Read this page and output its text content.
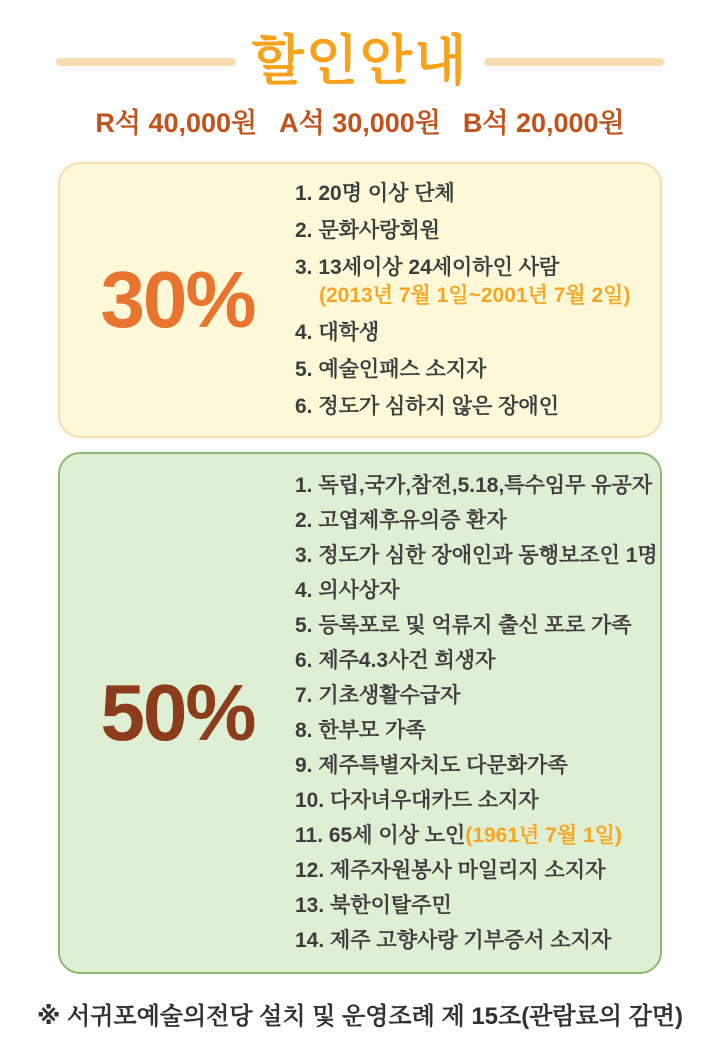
할인안내
R석 40,000원 A석 30,000원 B석 20,000원
30%
1. 20명 이상 단체
2. 문화사랑회원
3. 13세이상 24세이하인 사람
(2013년 7월 1일~2001년 7월 2일)
4. 대학생
5. 예술인패스 소지자
6. 정도가 심하지 않은 장애인
50%
1. 독립,국가,참전,5.18,특수임무 유공자
2. 고엽제후유의증 환자
3. 정도가 심한 장애인과 동행보조인 1명
4. 의사상자
5. 등록포로 및 억류지 출신 포로 가족
6. 제주4.3사건 희생자
7. 기초생활수급자
8. 한부모 가족
9. 제주특별자치도 다문화가족
10. 다자녀우대카드 소지자
11. 65세 이상 노인(1961년 7월 1일)
12. 제주자원봉사 마일리지 소지자
13. 북한이탈주민
14. 제주 고향사랑 기부증서 소지자
※ 서귀포예술의전당 설치 및 운영조례 제 15조(관람료의 감면)
